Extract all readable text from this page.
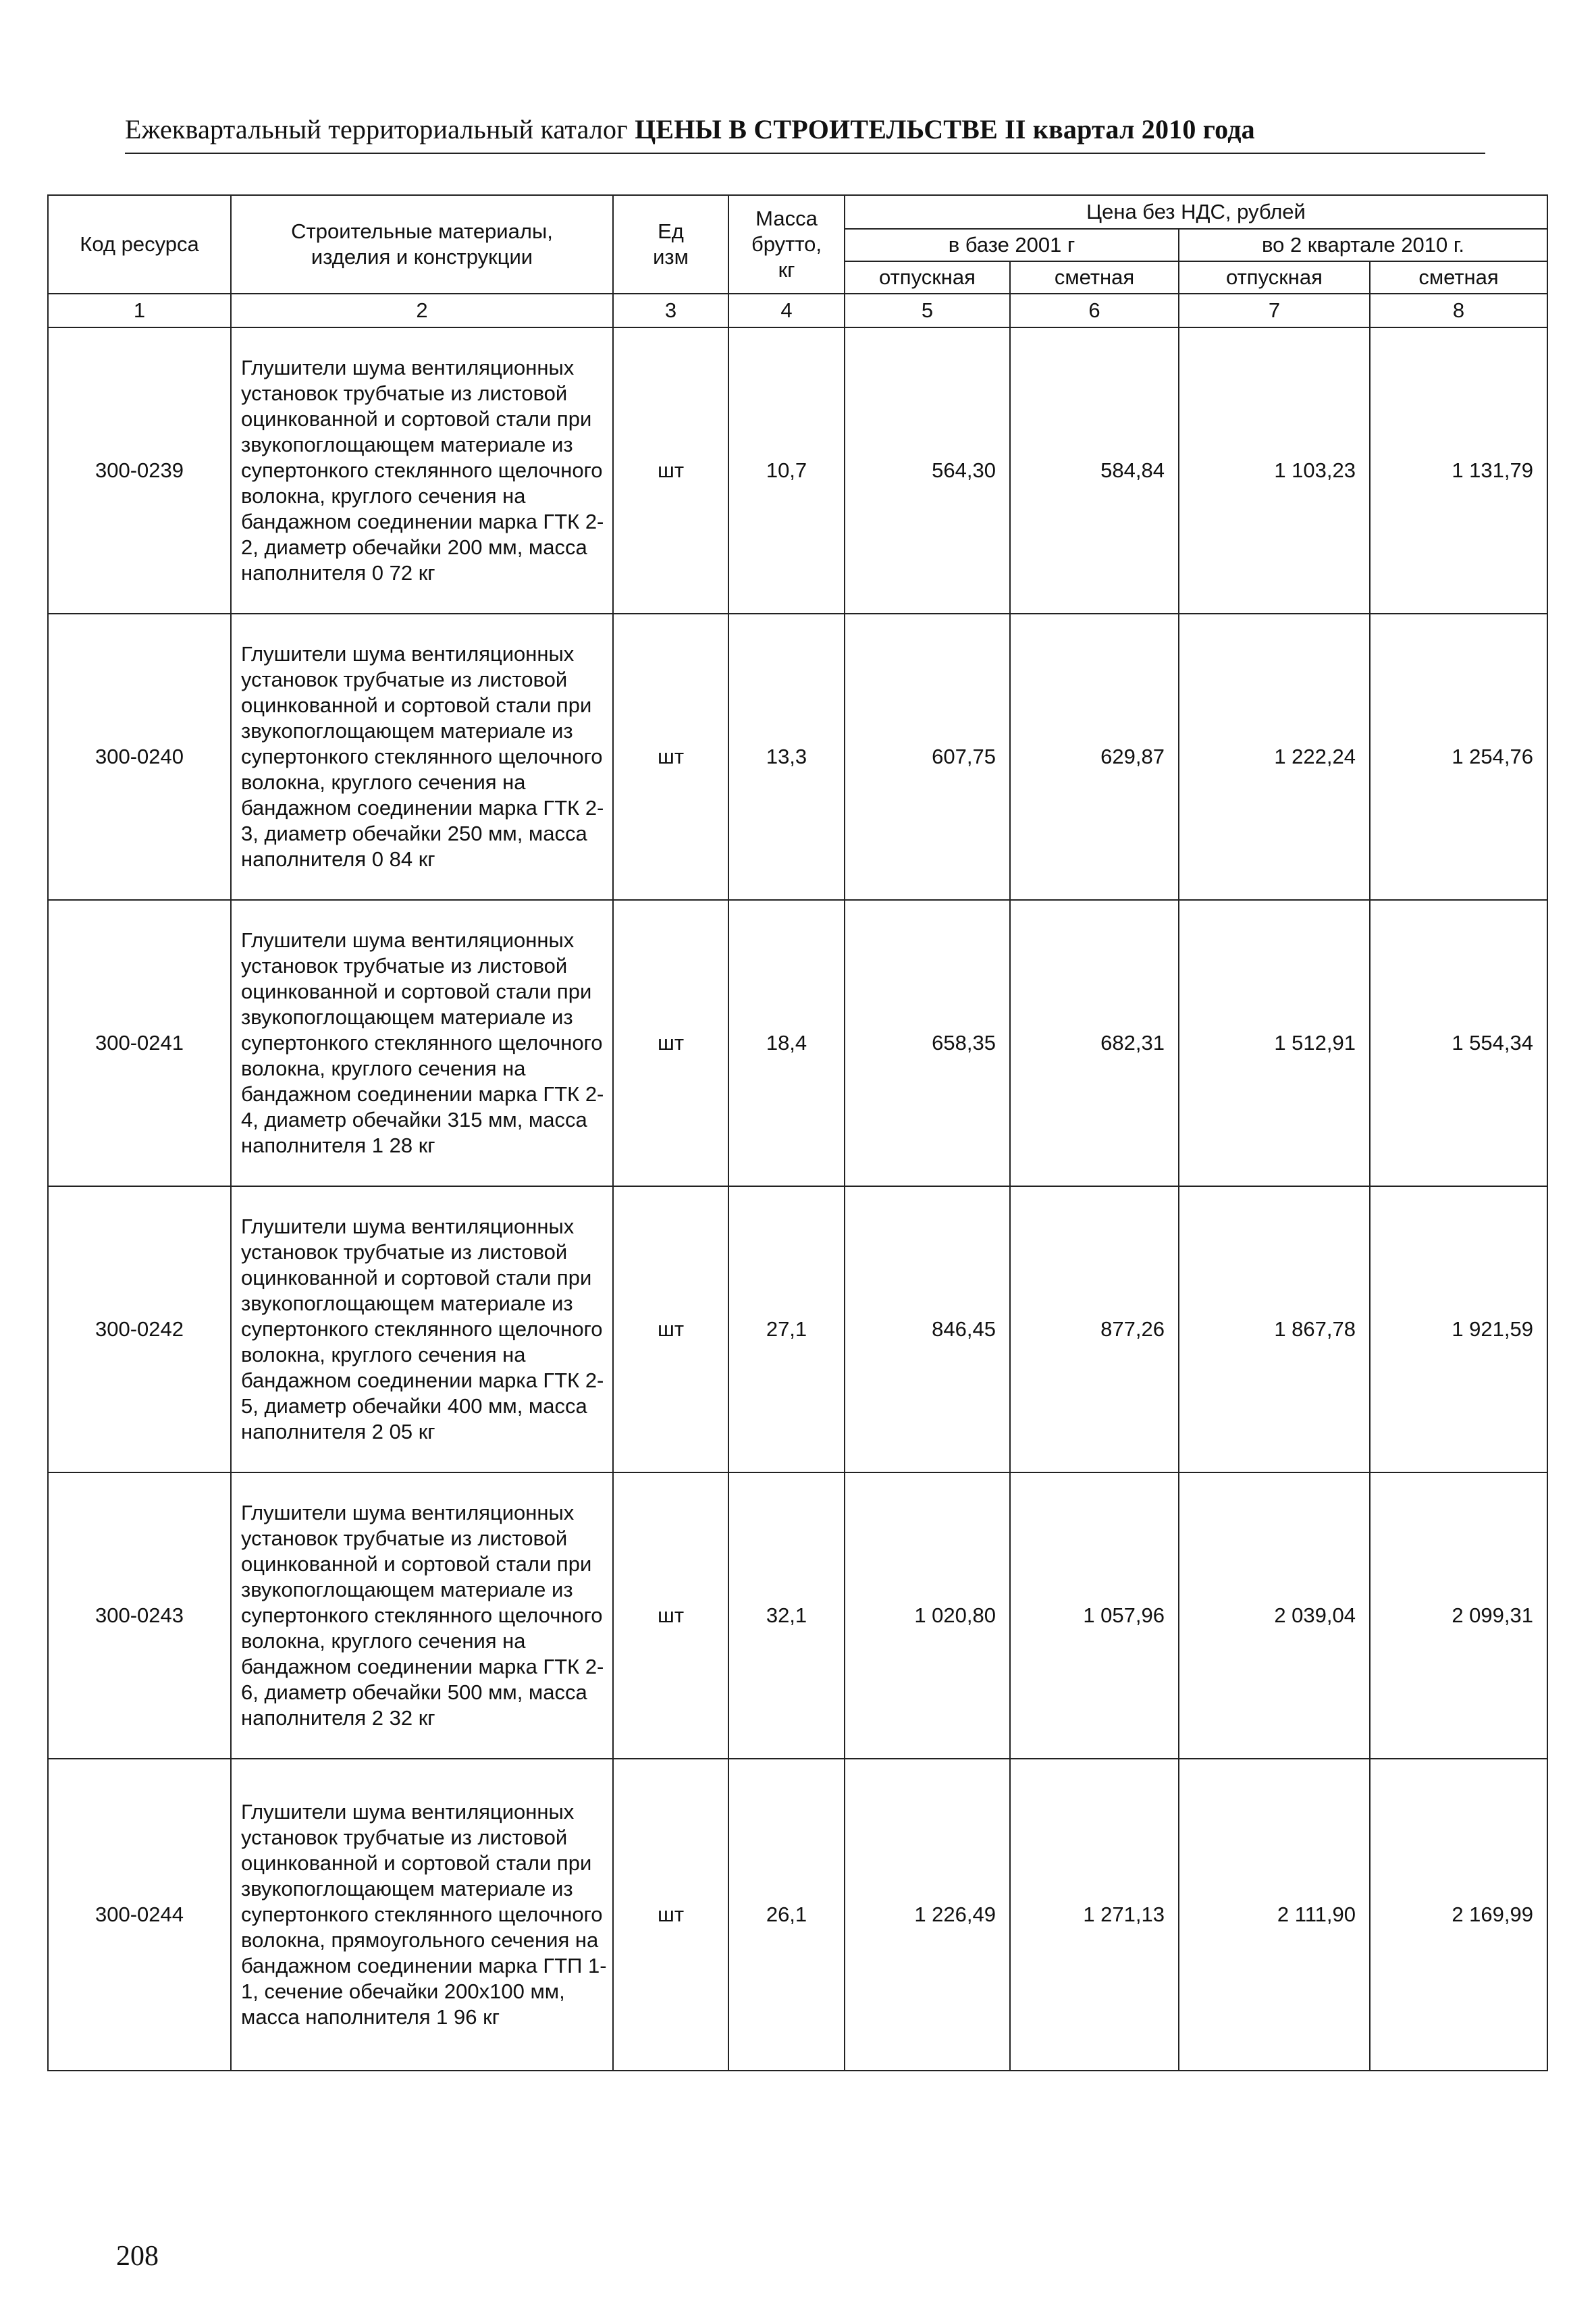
Ежеквартальный территориальный каталог ЦЕНЫ В СТРОИТЕЛЬСТВЕ II квартал 2010 года
Код ресурса	Строительные материалы, изделия и конструкции	Ед изм	Масса брутто, кг	Цена без НДС, рублей			
				в базе 2001 г		во 2 квартале 2010 г.	
				отпускная	сметная	отпускная	сметная
1	2	3	4	5	6	7	8
300-0239	Глушители шума вентиляционных установок трубчатые из листовой оцинкованной и сортовой стали при звукопоглощающем материале из супертонкого стеклянного щелочного волокна, круглого сечения на бандажном соединении марка ГТК 2-2, диаметр обечайки 200 мм, масса наполнителя 0 72 кг	шт	10,7	564,30	584,84	1 103,23	1 131,79
300-0240	Глушители шума вентиляционных установок трубчатые из листовой оцинкованной и сортовой стали при звукопоглощающем материале из супертонкого стеклянного щелочного волокна, круглого сечения на бандажном соединении марка ГТК 2-3, диаметр обечайки 250 мм, масса наполнителя 0 84 кг	шт	13,3	607,75	629,87	1 222,24	1 254,76
300-0241	Глушители шума вентиляционных установок трубчатые из листовой оцинкованной и сортовой стали при звукопоглощающем материале из супертонкого стеклянного щелочного волокна, круглого сечения на бандажном соединении марка ГТК 2-4, диаметр обечайки 315 мм, масса наполнителя 1 28 кг	шт	18,4	658,35	682,31	1 512,91	1 554,34
300-0242	Глушители шума вентиляционных установок трубчатые из листовой оцинкованной и сортовой стали при звукопоглощающем материале из супертонкого стеклянного щелочного волокна, круглого сечения на бандажном соединении марка ГТК 2-5, диаметр обечайки 400 мм, масса наполнителя 2 05 кг	шт	27,1	846,45	877,26	1 867,78	1 921,59
300-0243	Глушители шума вентиляционных установок трубчатые из листовой оцинкованной и сортовой стали при звукопоглощающем материале из супертонкого стеклянного щелочного волокна, круглого сечения на бандажном соединении марка ГТК 2-6, диаметр обечайки 500 мм, масса наполнителя 2 32 кг	шт	32,1	1 020,80	1 057,96	2 039,04	2 099,31
300-0244	Глушители шума вентиляционных установок трубчатые из листовой оцинкованной и сортовой стали при звукопоглощающем материале из супертонкого стеклянного щелочного волокна, прямоугольного сечения на бандажном соединении марка ГТП 1-1, сечение обечайки 200x100 мм, масса наполнителя 1 96 кг	шт	26,1	1 226,49	1 271,13	2 111,90	2 169,99
208
